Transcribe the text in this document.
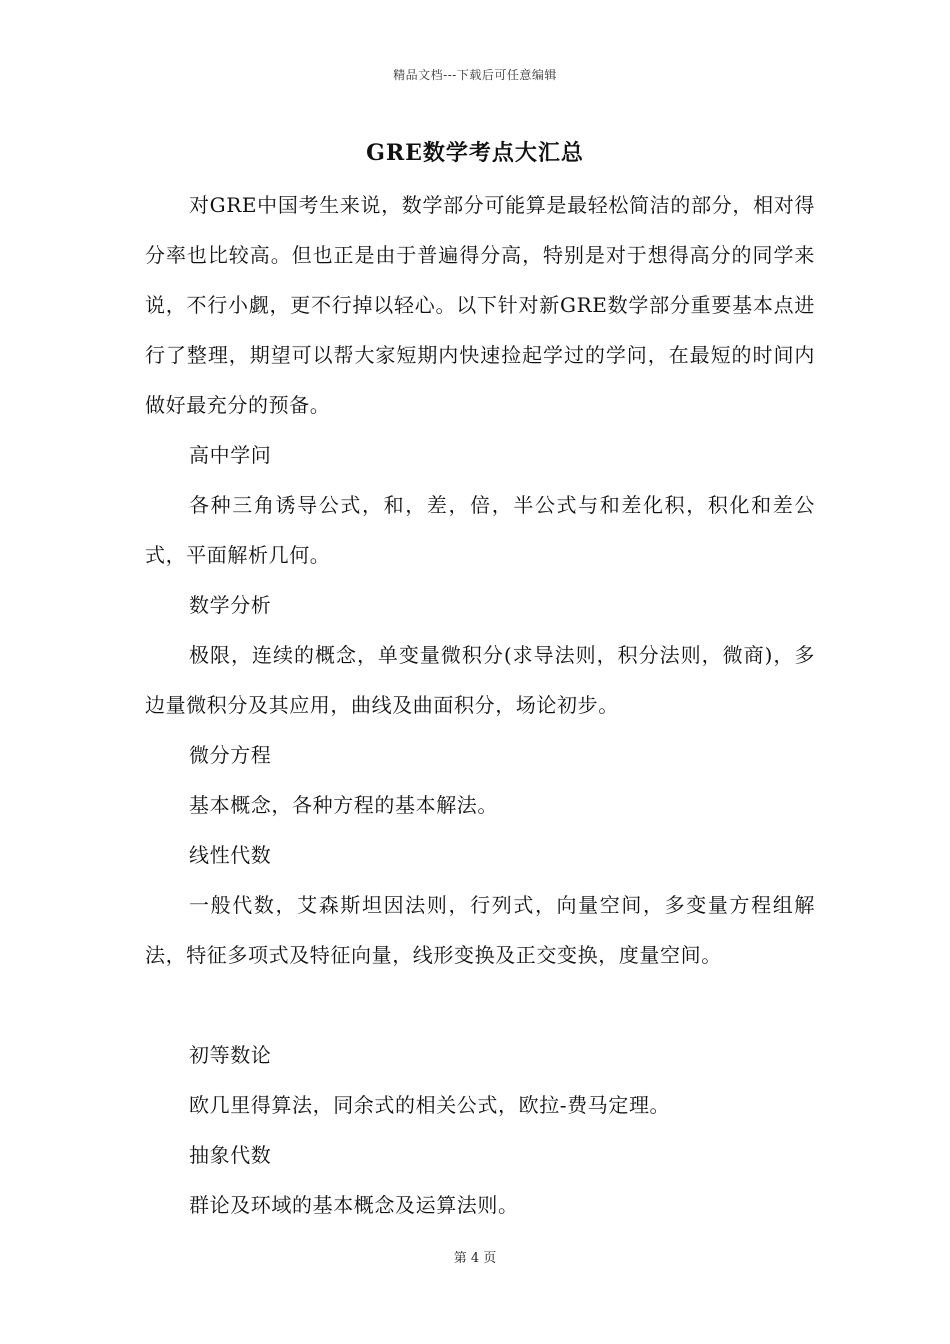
精品文档---下载后可任意编辑
GRE数学考点大汇总

对GRE中国考生来说，数学部分可能算是最轻松简洁的部分，相对得分率也比较高。但也正是由于普遍得分高，特别是对于想得高分的同学来说，不行小觑，更不行掉以轻心。以下针对新GRE数学部分重要基本点进行了整理，期望可以帮大家短期内快速捡起学过的学问，在最短的时间内做好最充分的预备。

高中学问

各种三角诱导公式，和，差，倍，半公式与和差化积，积化和差公式，平面解析几何。

数学分析

极限，连续的概念，单变量微积分(求导法则，积分法则，微商)，多边量微积分及其应用，曲线及曲面积分，场论初步。

微分方程

基本概念，各种方程的基本解法。

线性代数

一般代数，艾森斯坦因法则，行列式，向量空间，多变量方程组解法，特征多项式及特征向量，线形变换及正交变换，度量空间。

初等数论

欧几里得算法，同余式的相关公式，欧拉-费马定理。

抽象代数

群论及环域的基本概念及运算法则。

第 4 页
